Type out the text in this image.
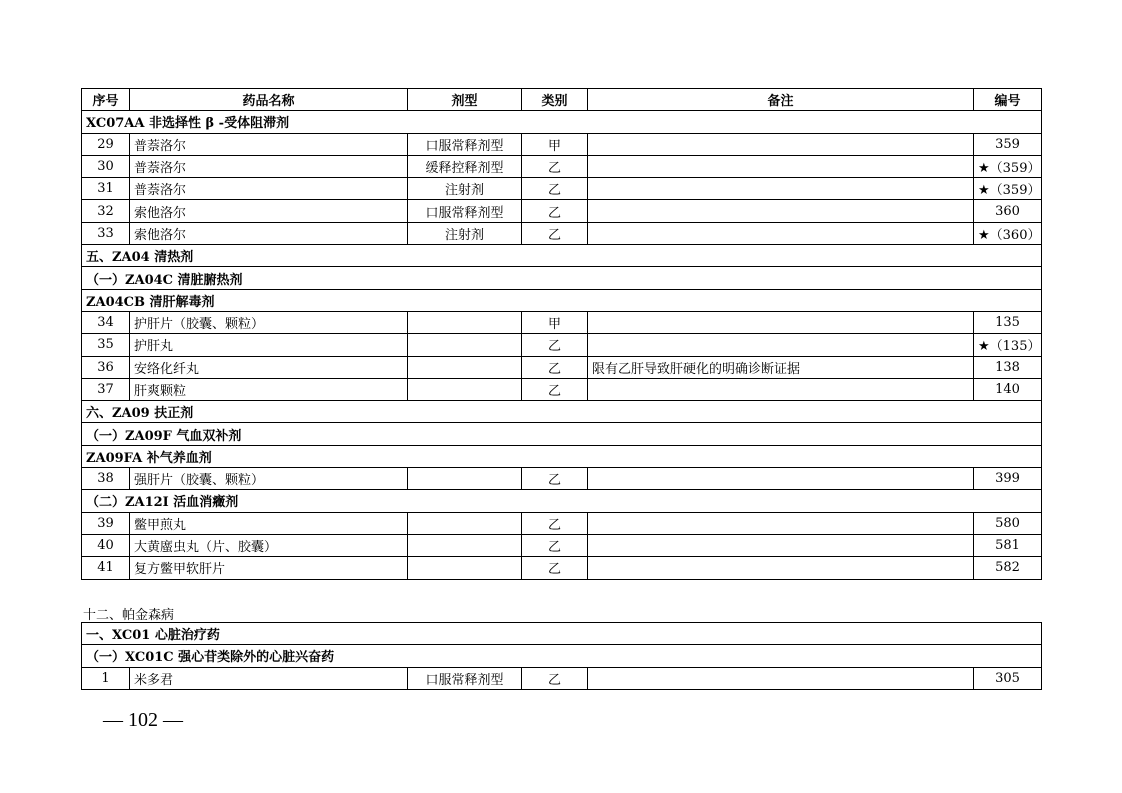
序号	药品名称	剂型	类别	备注	编号
XC07AA 非选择性 β -受体阻滞剂					
29	普萘洛尔	口服常释剂型	甲		359
30	普萘洛尔	缓释控释剂型	乙		★（359）
31	普萘洛尔	注射剂	乙		★（359）
32	索他洛尔	口服常释剂型	乙		360
33	索他洛尔	注射剂	乙		★（360）
五、ZA04 清热剂					
（一）ZA04C 清脏腑热剂					
ZA04CB 清肝解毒剂					
34	护肝片（胶囊、颗粒）		甲		135
35	护肝丸		乙		★（135）
36	安络化纤丸		乙	限有乙肝导致肝硬化的明确诊断证据	138
37	肝爽颗粒		乙		140
六、ZA09 扶正剂					
（一）ZA09F 气血双补剂					
ZA09FA 补气养血剂					
38	强肝片（胶囊、颗粒）		乙		399
（二）ZA12I 活血消癥剂					
39	鳖甲煎丸		乙		580
40	大黄䗪虫丸（片、胶囊）		乙		581
41	复方鳖甲软肝片		乙		582
十二、帕金森病
一、XC01 心脏治疗药
（一）XC01C 强心苷类除外的心脏兴奋药
1	米多君	口服常释剂型	乙		305
— 102 —
